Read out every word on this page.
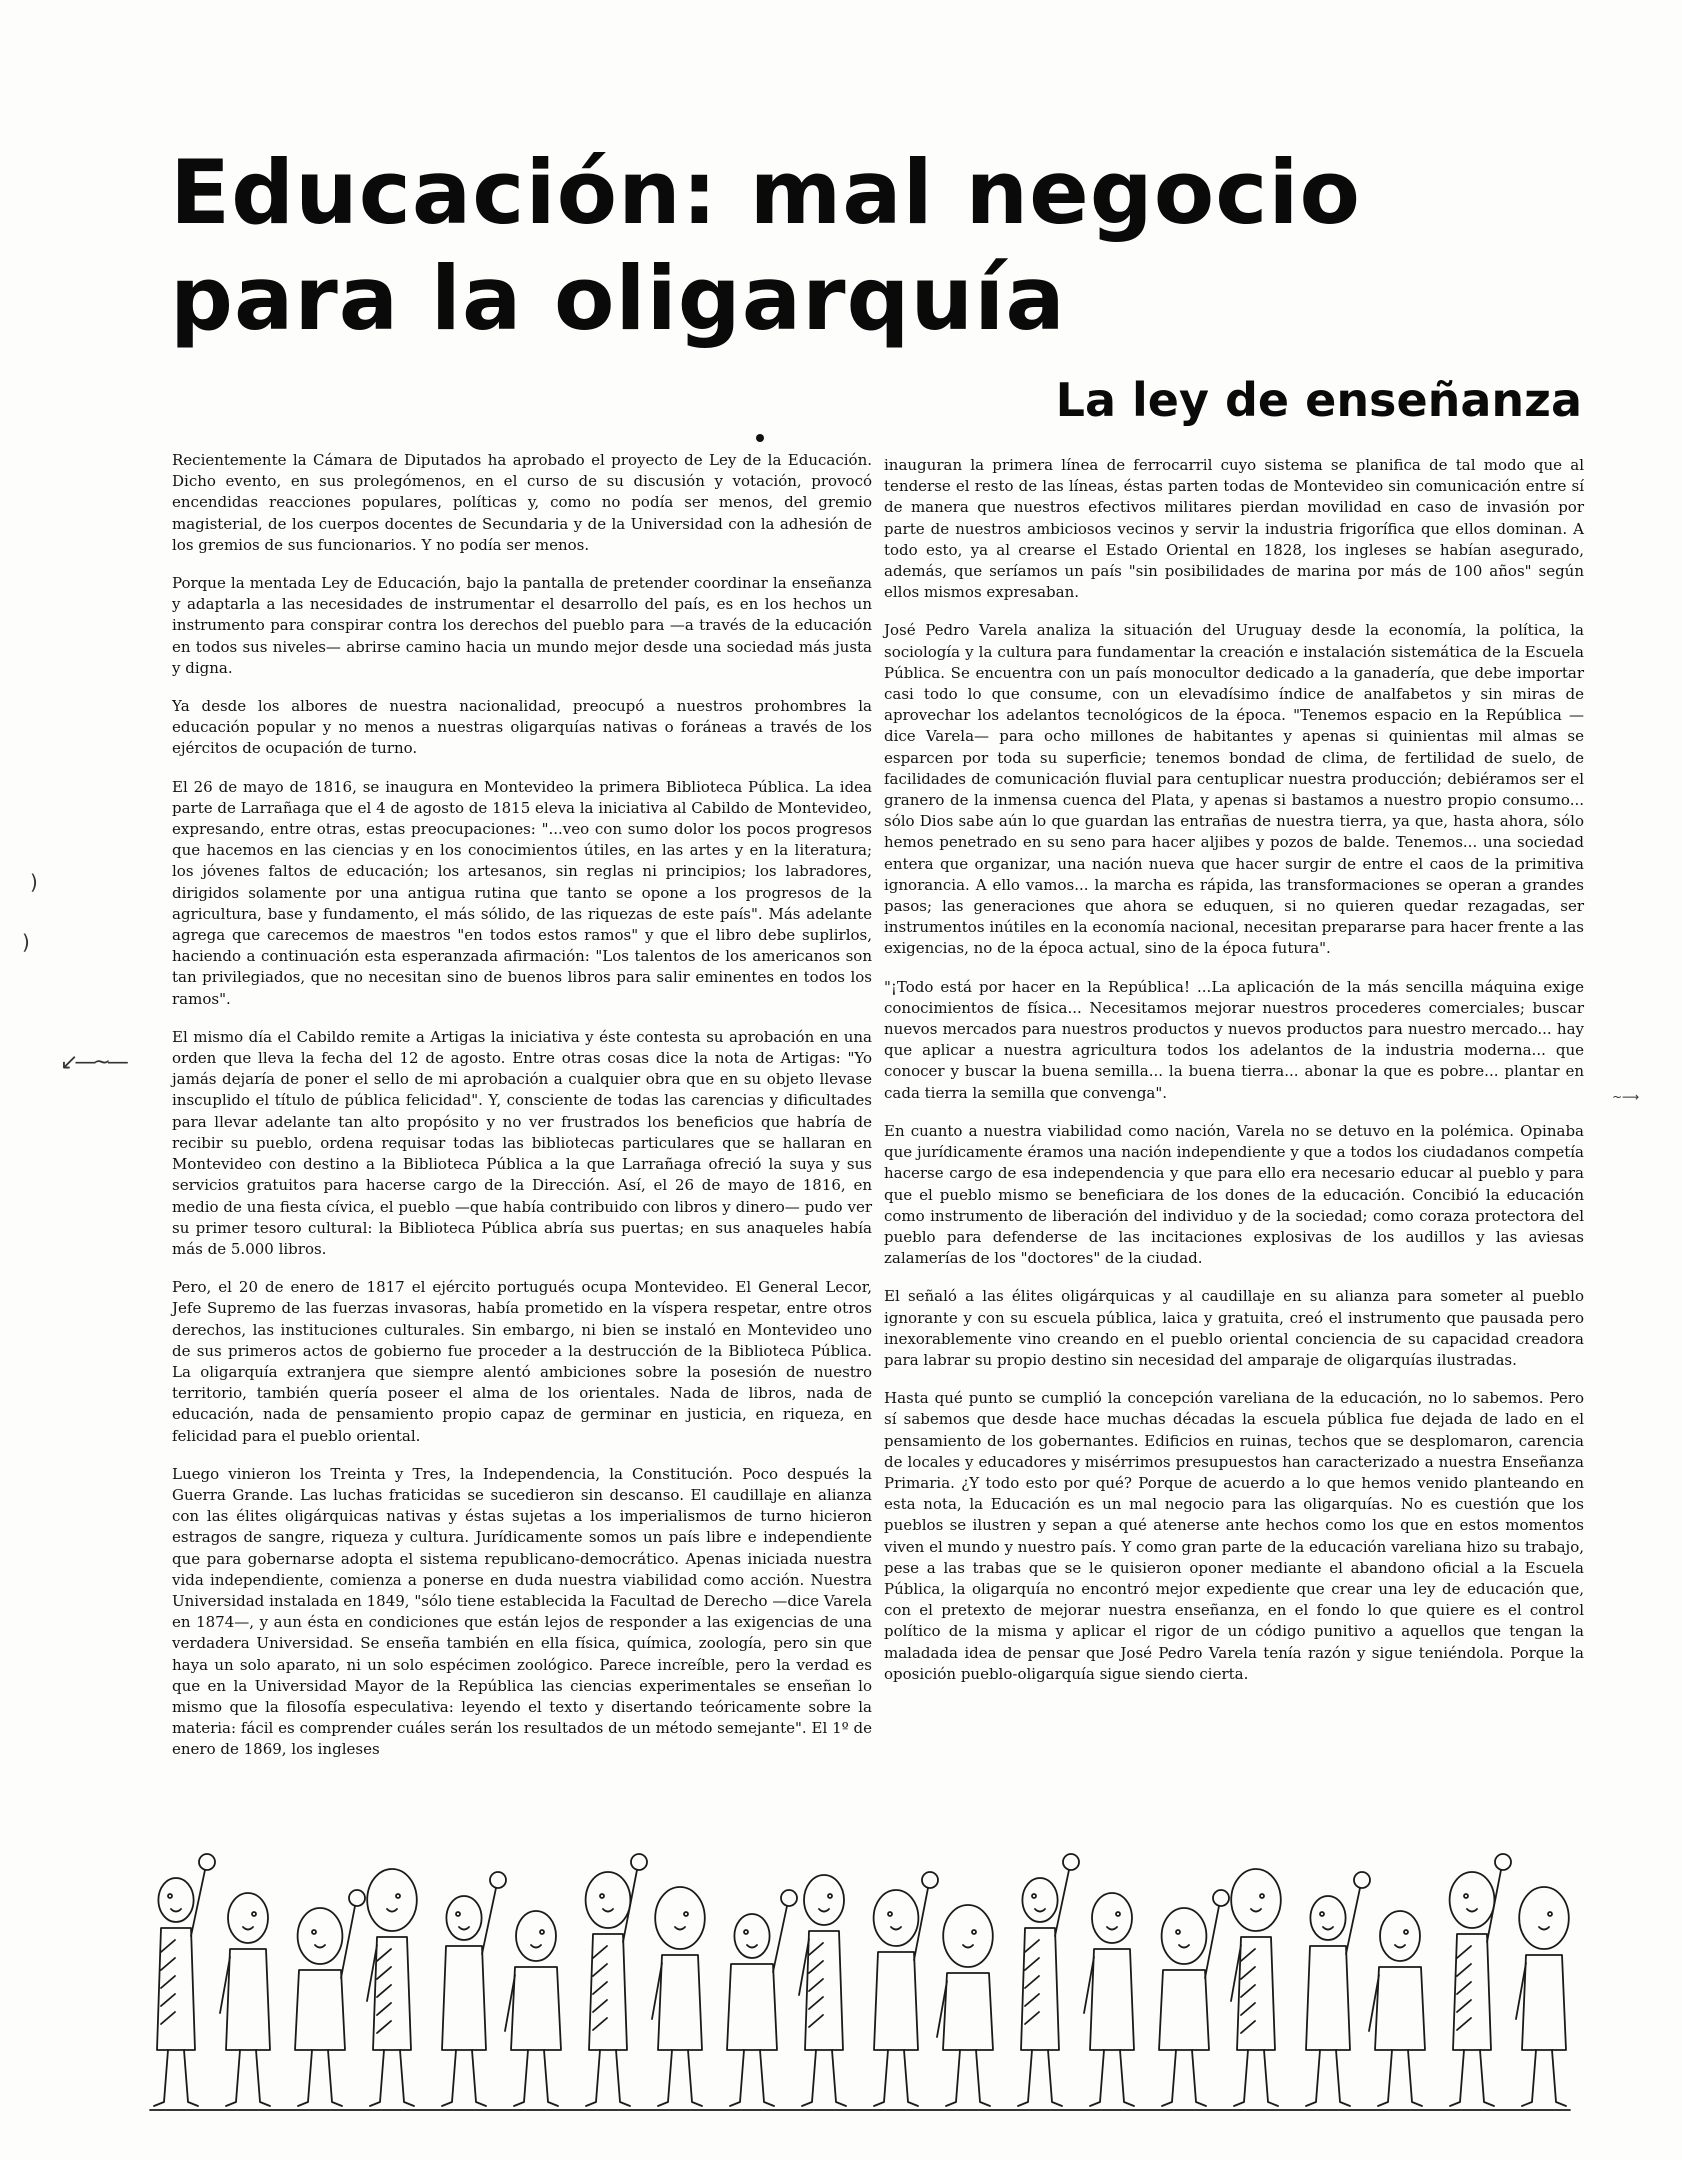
Educación: mal negocio
para la oligarquía
La ley de enseñanza

Recientemente la Cámara de Diputados ha aprobado el proyecto de Ley de la Educación. Dicho evento, en sus prolegómenos, en el curso de su discusión y votación, provocó encendidas reacciones populares, políticas y, como no podía ser menos, del gremio magisterial, de los cuerpos docentes de Secundaria y de la Universidad con la adhesión de los gremios de sus funcionarios. Y no podía ser menos.

Porque la mentada Ley de Educación, bajo la pantalla de pretender coordinar la enseñanza y adaptarla a las necesidades de instrumentar el desarrollo del país, es en los hechos un instrumento para conspirar contra los derechos del pueblo para —a través de la educación en todos sus niveles— abrirse camino hacia un mundo mejor desde una sociedad más justa y digna.

Ya desde los albores de nuestra nacionalidad, preocupó a nuestros prohombres la educación popular y no menos a nuestras oligarquías nativas o foráneas a través de los ejércitos de ocupación de turno.

El 26 de mayo de 1816, se inaugura en Montevideo la primera Biblioteca Pública. La idea parte de Larrañaga que el 4 de agosto de 1815 eleva la iniciativa al Cabildo de Montevideo, expresando, entre otras, estas preocupaciones: "...veo con sumo dolor los pocos progresos que hacemos en las ciencias y en los conocimientos útiles, en las artes y en la literatura; los jóvenes faltos de educación; los artesanos, sin reglas ni principios; los labradores, dirigidos solamente por una antigua rutina que tanto se opone a los progresos de la agricultura, base y fundamento, el más sólido, de las riquezas de este país". Más adelante agrega que carecemos de maestros "en todos estos ramos" y que el libro debe suplirlos, haciendo a continuación esta esperanzada afirmación: "Los talentos de los americanos son tan privilegiados, que no necesitan sino de buenos libros para salir eminentes en todos los ramos".

El mismo día el Cabildo remite a Artigas la iniciativa y éste contesta su aprobación en una orden que lleva la fecha del 12 de agosto. Entre otras cosas dice la nota de Artigas: "Yo jamás dejaría de poner el sello de mi aprobación a cualquier obra que en su objeto llevase inscuplido el título de pública felicidad". Y, consciente de todas las carencias y dificultades para llevar adelante tan alto propósito y no ver frustrados los beneficios que habría de recibir su pueblo, ordena requisar todas las bibliotecas particulares que se hallaran en Montevideo con destino a la Biblioteca Pública a la que Larrañaga ofreció la suya y sus servicios gratuitos para hacerse cargo de la Dirección. Así, el 26 de mayo de 1816, en medio de una fiesta cívica, el pueblo —que había contribuido con libros y dinero— pudo ver su primer tesoro cultural: la Biblioteca Pública abría sus puertas; en sus anaqueles había más de 5.000 libros.

Pero, el 20 de enero de 1817 el ejército portugués ocupa Montevideo. El General Lecor, Jefe Supremo de las fuerzas invasoras, había prometido en la víspera respetar, entre otros derechos, las instituciones culturales. Sin embargo, ni bien se instaló en Montevideo uno de sus primeros actos de gobierno fue proceder a la destrucción de la Biblioteca Pública. La oligarquía extranjera que siempre alentó ambiciones sobre la posesión de nuestro territorio, también quería poseer el alma de los orientales. Nada de libros, nada de educación, nada de pensamiento propio capaz de germinar en justicia, en riqueza, en felicidad para el pueblo oriental.

Luego vinieron los Treinta y Tres, la Independencia, la Constitución. Poco después la Guerra Grande. Las luchas fraticidas se sucedieron sin descanso. El caudillaje en alianza con las élites oligárquicas nativas y éstas sujetas a los imperialismos de turno hicieron estragos de sangre, riqueza y cultura. Jurídicamente somos un país libre e independiente que para gobernarse adopta el sistema republicano-democrático. Apenas iniciada nuestra vida independiente, comienza a ponerse en duda nuestra viabilidad como acción. Nuestra Universidad instalada en 1849, "sólo tiene establecida la Facultad de Derecho —dice Varela en 1874—, y aun ésta en condiciones que están lejos de responder a las exigencias de una verdadera Universidad. Se enseña también en ella física, química, zoología, pero sin que haya un solo aparato, ni un solo espécimen zoológico. Parece increíble, pero la verdad es que en la Universidad Mayor de la República las ciencias experimentales se enseñan lo mismo que la filosofía especulativa: leyendo el texto y disertando teóricamente sobre la materia: fácil es comprender cuáles serán los resultados de un método semejante". El 1º de enero de 1869, los ingleses

inauguran la primera línea de ferrocarril cuyo sistema se planifica de tal modo que al tenderse el resto de las líneas, éstas parten todas de Montevideo sin comunicación entre sí de manera que nuestros efectivos militares pierdan movilidad en caso de invasión por parte de nuestros ambiciosos vecinos y servir la industria frigorífica que ellos dominan. A todo esto, ya al crearse el Estado Oriental en 1828, los ingleses se habían asegurado, además, que seríamos un país "sin posibilidades de marina por más de 100 años" según ellos mismos expresaban.

José Pedro Varela analiza la situación del Uruguay desde la economía, la política, la sociología y la cultura para fundamentar la creación e instalación sistemática de la Escuela Pública. Se encuentra con un país monocultor dedicado a la ganadería, que debe importar casi todo lo que consume, con un elevadísimo índice de analfabetos y sin miras de aprovechar los adelantos tecnológicos de la época. "Tenemos espacio en la República —dice Varela— para ocho millones de habitantes y apenas si quinientas mil almas se esparcen por toda su superficie; tenemos bondad de clima, de fertilidad de suelo, de facilidades de comunicación fluvial para centuplicar nuestra producción; debiéramos ser el granero de la inmensa cuenca del Plata, y apenas si bastamos a nuestro propio consumo... sólo Dios sabe aún lo que guardan las entrañas de nuestra tierra, ya que, hasta ahora, sólo hemos penetrado en su seno para hacer aljibes y pozos de balde. Tenemos... una sociedad entera que organizar, una nación nueva que hacer surgir de entre el caos de la primitiva ignorancia. A ello vamos... la marcha es rápida, las transformaciones se operan a grandes pasos; las generaciones que ahora se eduquen, si no quieren quedar rezagadas, ser instrumentos inútiles en la economía nacional, necesitan prepararse para hacer frente a las exigencias, no de la época actual, sino de la época futura".

"¡Todo está por hacer en la República! ...La aplicación de la más sencilla máquina exige conocimientos de física... Necesitamos mejorar nuestros procederes comerciales; buscar nuevos mercados para nuestros productos y nuevos productos para nuestro mercado... hay que aplicar a nuestra agricultura todos los adelantos de la industria moderna... que conocer y buscar la buena semilla... la buena tierra... abonar la que es pobre... plantar en cada tierra la semilla que convenga".

En cuanto a nuestra viabilidad como nación, Varela no se detuvo en la polémica. Opinaba que jurídicamente éramos una nación independiente y que a todos los ciudadanos competía hacerse cargo de esa independencia y que para ello era necesario educar al pueblo y para que el pueblo mismo se beneficiara de los dones de la educación. Concibió la educación como instrumento de liberación del individuo y de la sociedad; como coraza protectora del pueblo para defenderse de las incitaciones explosivas de los audillos y las aviesas zalamerías de los "doctores" de la ciudad.

El señaló a las élites oligárquicas y al caudillaje en su alianza para someter al pueblo ignorante y con su escuela pública, laica y gratuita, creó el instrumento que pausada pero inexorablemente vino creando en el pueblo oriental conciencia de su capacidad creadora para labrar su propio destino sin necesidad del amparaje de oligarquías ilustradas.

Hasta qué punto se cumplió la concepción vareliana de la educación, no lo sabemos. Pero sí sabemos que desde hace muchas décadas la escuela pública fue dejada de lado en el pensamiento de los gobernantes. Edificios en ruinas, techos que se desplomaron, carencia de locales y educadores y misérrimos presupuestos han caracterizado a nuestra Enseñanza Primaria. ¿Y todo esto por qué? Porque de acuerdo a lo que hemos venido planteando en esta nota, la Educación es un mal negocio para las oligarquías. No es cuestión que los pueblos se ilustren y sepan a qué atenerse ante hechos como los que en estos momentos viven el mundo y nuestro país. Y como gran parte de la educación vareliana hizo su trabajo, pese a las trabas que se le quisieron oponer mediante el abandono oficial a la Escuela Pública, la oligarquía no encontró mejor expediente que crear una ley de educación que, con el pretexto de mejorar nuestra enseñanza, en el fondo lo que quiere es el control político de la misma y aplicar el rigor de un código punitivo a aquellos que tengan la maladada idea de pensar que José Pedro Varela tenía razón y sigue teniéndola. Porque la oposición pueblo-oligarquía sigue siendo cierta.

)
)
↙—~—
~⟶
